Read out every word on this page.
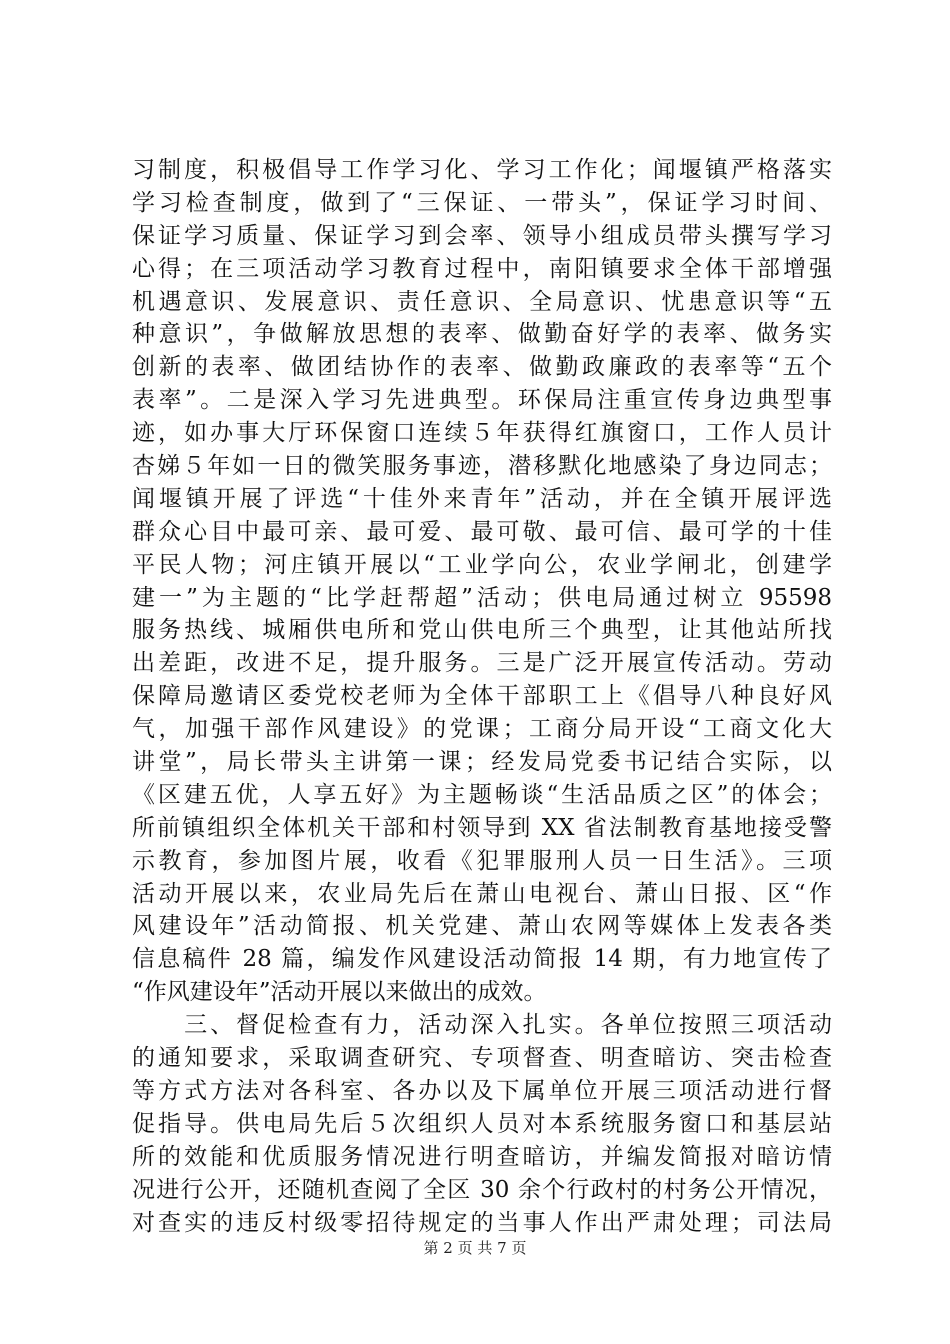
习制度，积极倡导工作学习化、学习工作化；闻堰镇严格落实
学习检查制度，做到了“三保证、一带头”，保证学习时间、
保证学习质量、保证学习到会率、领导小组成员带头撰写学习
心得；在三项活动学习教育过程中，南阳镇要求全体干部增强
机遇意识、发展意识、责任意识、全局意识、忧患意识等“五
种意识”，争做解放思想的表率、做勤奋好学的表率、做务实
创新的表率、做团结协作的表率、做勤政廉政的表率等“五个
表率”。二是深入学习先进典型。环保局注重宣传身边典型事
迹，如办事大厅环保窗口连续５年获得红旗窗口，工作人员计
杏娣５年如一日的微笑服务事迹，潜移默化地感染了身边同志；
闻堰镇开展了评选“十佳外来青年”活动，并在全镇开展评选
群众心目中最可亲、最可爱、最可敬、最可信、最可学的十佳
平民人物；河庄镇开展以“工业学向公，农业学闸北，创建学
建一”为主题的“比学赶帮超”活动；供电局通过树立 95598
服务热线、城厢供电所和党山供电所三个典型，让其他站所找
出差距，改进不足，提升服务。三是广泛开展宣传活动。劳动
保障局邀请区委党校老师为全体干部职工上《倡导八种良好风
气，加强干部作风建设》的党课；工商分局开设“工商文化大
讲堂”，局长带头主讲第一课；经发局党委书记结合实际，以
《区建五优，人享五好》为主题畅谈“生活品质之区”的体会；
所前镇组织全体机关干部和村领导到 XX 省法制教育基地接受警
示教育，参加图片展，收看《犯罪服刑人员一日生活》。三项
活动开展以来，农业局先后在萧山电视台、萧山日报、区“作
风建设年”活动简报、机关党建、萧山农网等媒体上发表各类
信息稿件 28 篇，编发作风建设活动简报 14 期，有力地宣传了
“作风建设年”活动开展以来做出的成效。
　　三、督促检查有力，活动深入扎实。各单位按照三项活动
的通知要求，采取调查研究、专项督查、明查暗访、突击检查
等方式方法对各科室、各办以及下属单位开展三项活动进行督
促指导。供电局先后５次组织人员对本系统服务窗口和基层站
所的效能和优质服务情况进行明查暗访，并编发简报对暗访情
况进行公开，还随机查阅了全区 30 余个行政村的村务公开情况，
对查实的违反村级零招待规定的当事人作出严肃处理；司法局
第 2 页 共 7 页
